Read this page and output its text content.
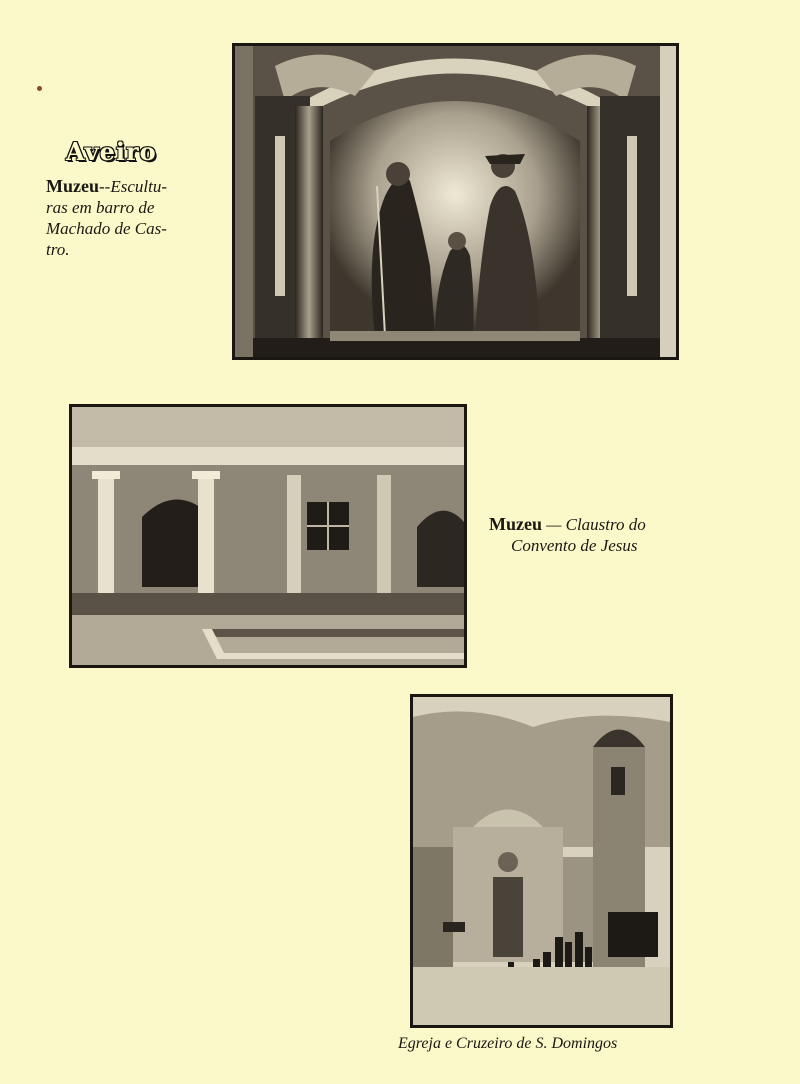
Aveiro
Muzeu--Escultu-
ras em barro de
Machado de Cas-
tro.
Muzeu — Claustro do
Convento de Jesus
Egreja e Cruzeiro de S. Domingos
